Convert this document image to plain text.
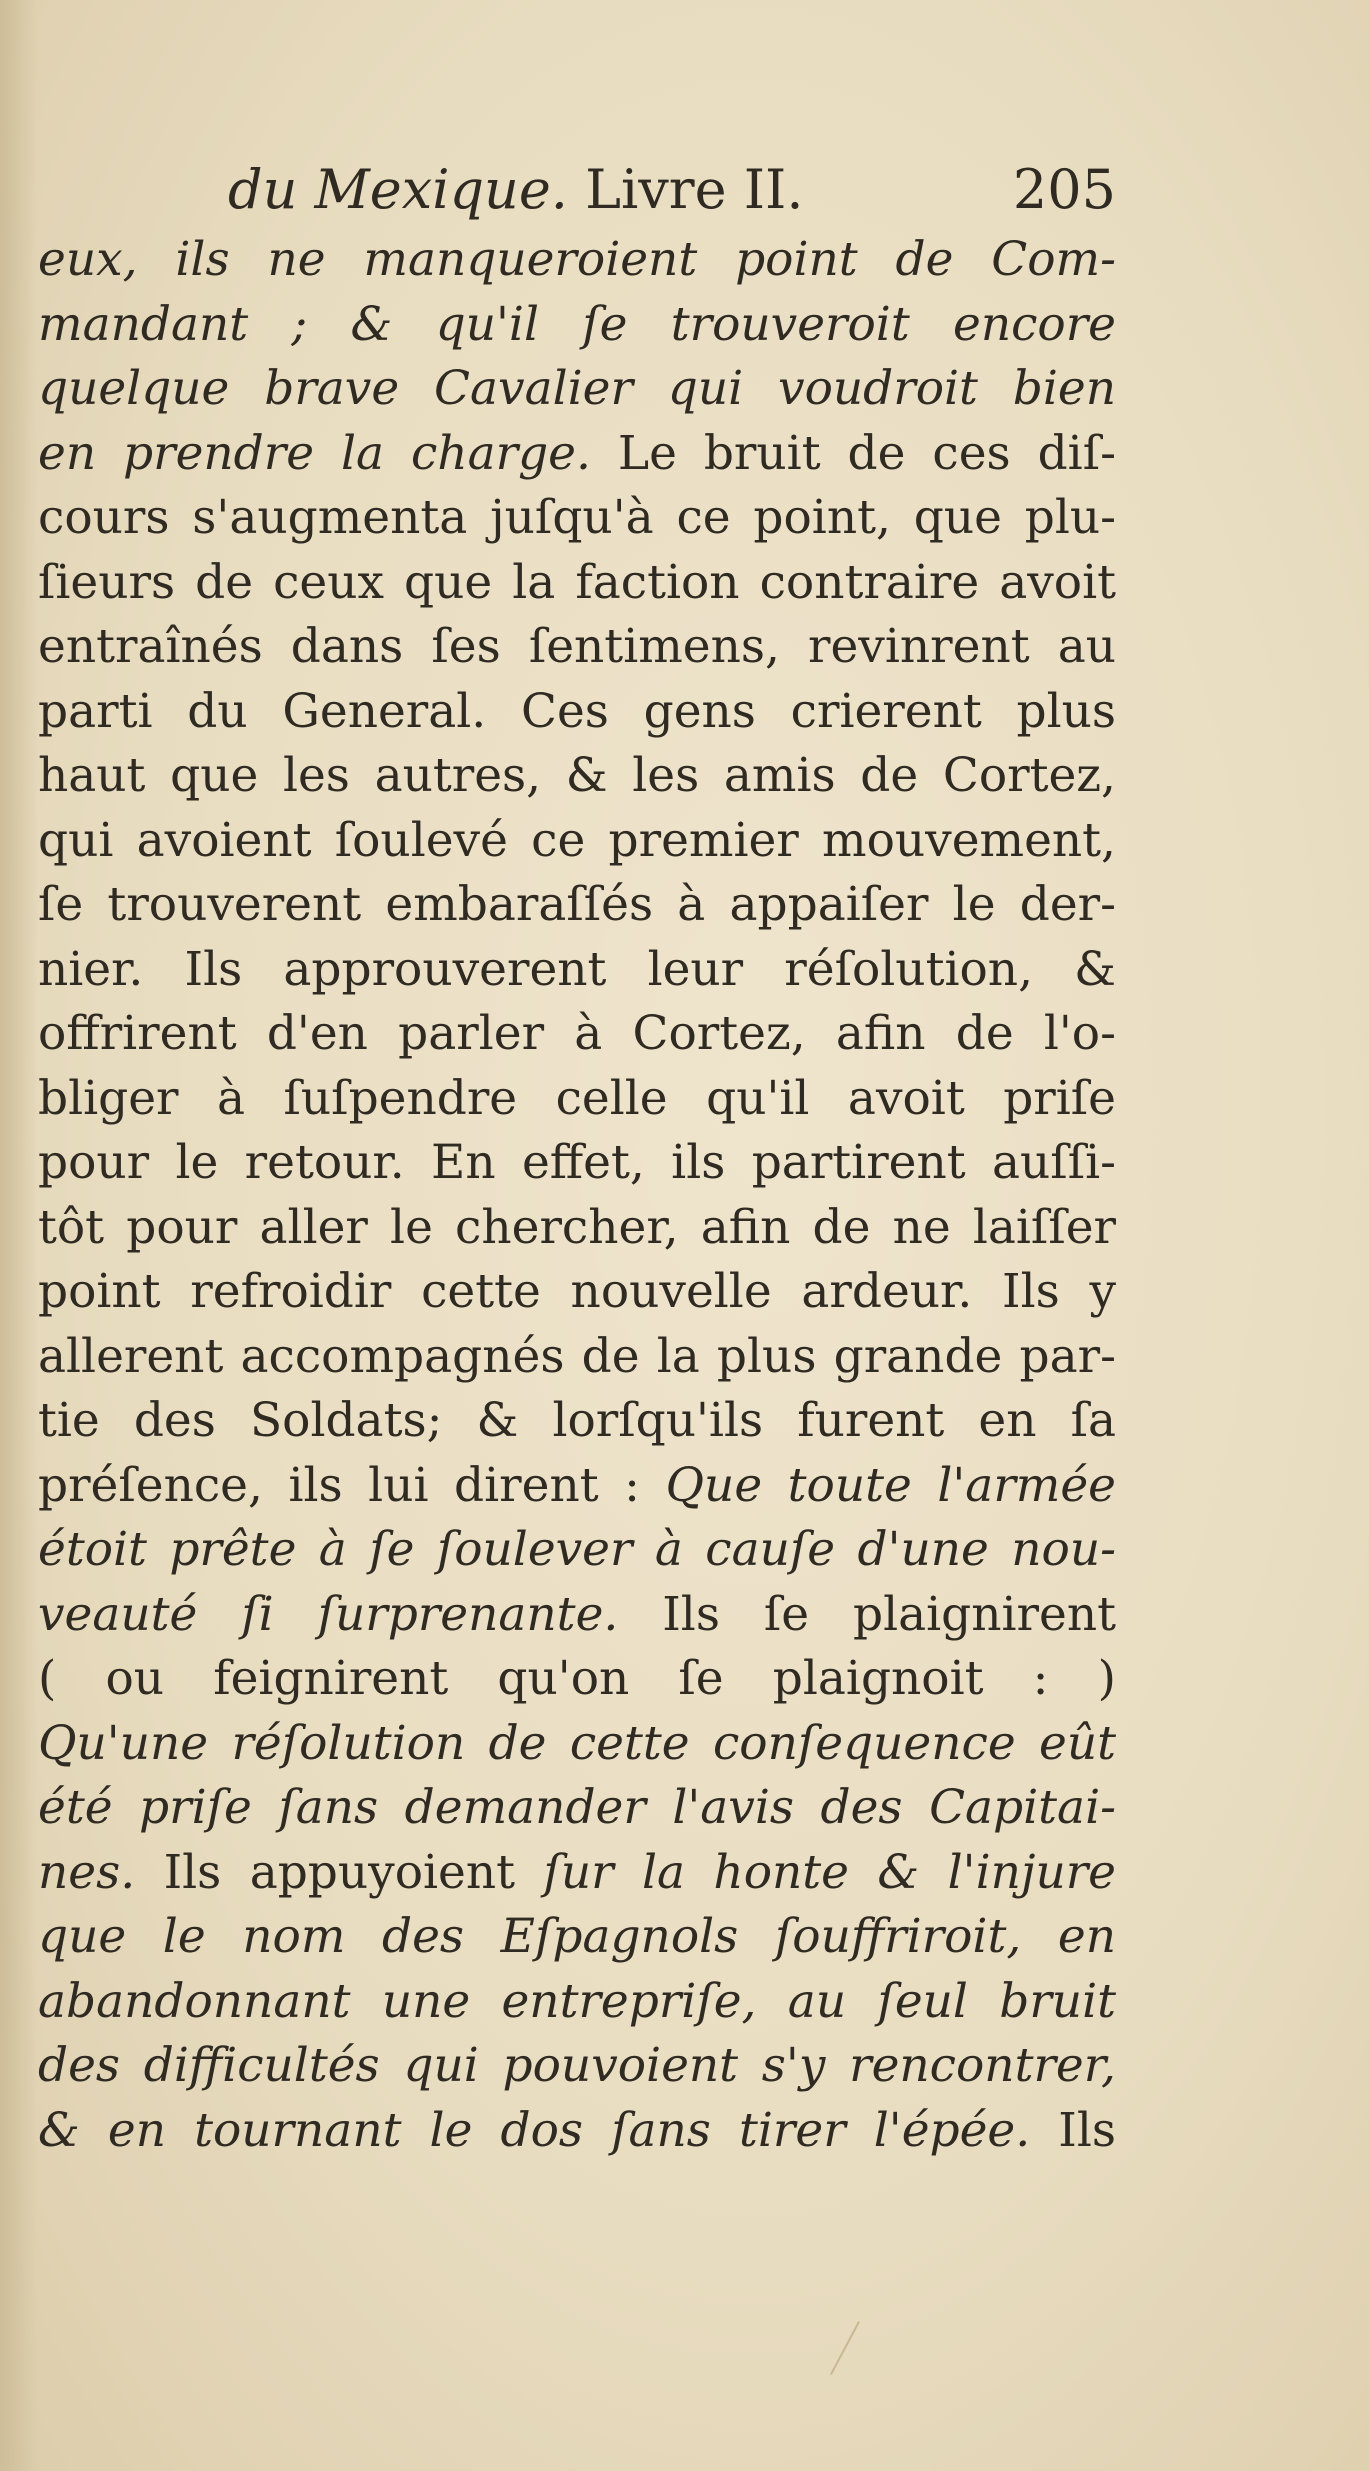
du Mexique. Livre II.	205
eux, ils ne manqueroient point de Com-
mandant ; & qu'il ſe trouveroit encore
quelque brave Cavalier qui voudroit bien
en prendre la charge. Le bruit de ces diſ-
cours s'augmenta juſqu'à ce point, que plu-
ſieurs de ceux que la faction contraire avoit
entraînés dans ſes ſentimens, revinrent au
parti du General. Ces gens crierent plus
haut que les autres, & les amis de Cortez,
qui avoient ſoulevé ce premier mouvement,
ſe trouverent embaraſſés à appaiſer le der-
nier. Ils approuverent leur réſolution, &
offrirent d'en parler à Cortez, afin de l'o-
bliger à ſuſpendre celle qu'il avoit priſe
pour le retour. En effet, ils partirent auſſi-
tôt pour aller le chercher, afin de ne laiſſer
point refroidir cette nouvelle ardeur. Ils y
allerent accompagnés de la plus grande par-
tie des Soldats; & lorſqu'ils furent en ſa
préſence, ils lui dirent : Que toute l'armée
étoit prête à ſe ſoulever à cauſe d'une nou-
veauté ſi ſurprenante. Ils ſe plaignirent
( ou feignirent qu'on ſe plaignoit : )
Qu'une réſolution de cette conſequence eût
été priſe ſans demander l'avis des Capitai-
nes. Ils appuyoient ſur la honte & l'injure
que le nom des Eſpagnols ſouffriroit, en
abandonnant une entrepriſe, au ſeul bruit
des difficultés qui pouvoient s'y rencontrer,
& en tournant le dos ſans tirer l'épée. Ils
